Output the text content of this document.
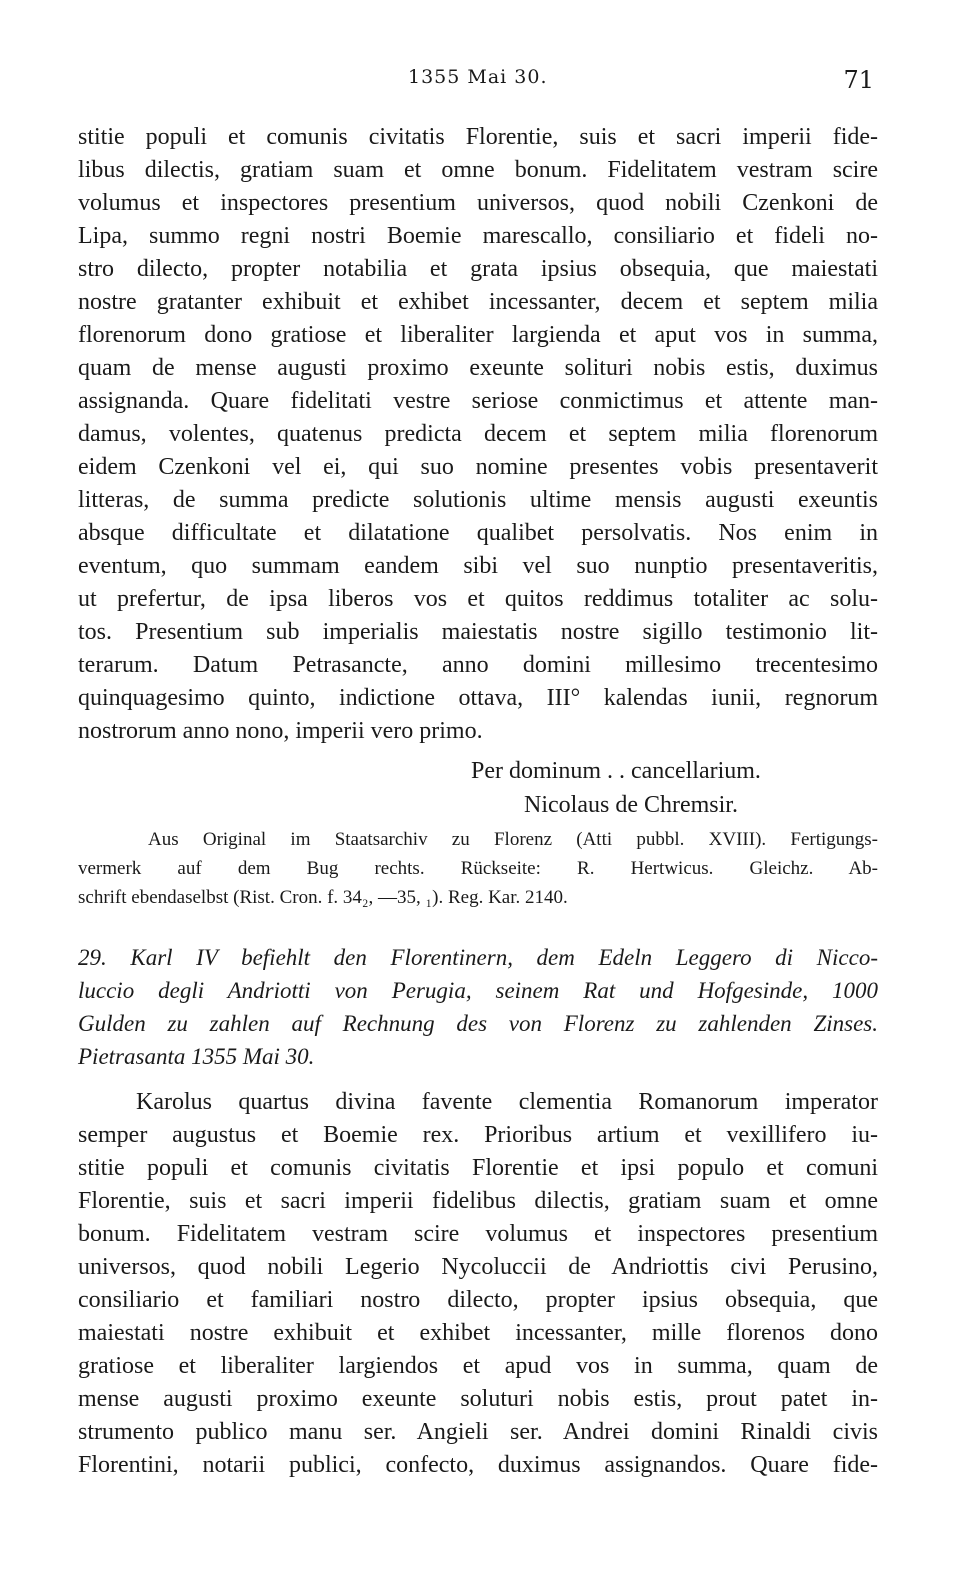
1355 Mai 30.	71
stitie populi et comunis civitatis Florentie, suis et sacri imperii fide-
libus dilectis, gratiam suam et omne bonum. Fidelitatem vestram scire
volumus et inspectores presentium universos, quod nobili Czenkoni de
Lipa, summo regni nostri Boemie marescallo, consiliario et fideli no-
stro dilecto, propter notabilia et grata ipsius obsequia, que maiestati
nostre gratanter exhibuit et exhibet incessanter, decem et septem milia
florenorum dono gratiose et liberaliter largienda et aput vos in summa,
quam de mense augusti proximo exeunte solituri nobis estis, duximus
assignanda. Quare fidelitati vestre seriose conmictimus et attente man-
damus, volentes, quatenus predicta decem et septem milia florenorum
eidem Czenkoni vel ei, qui suo nomine presentes vobis presentaverit
litteras, de summa predicte solutionis ultime mensis augusti exeuntis
absque difficultate et dilatatione qualibet persolvatis. Nos enim in
eventum, quo summam eandem sibi vel suo nunptio presentaveritis,
ut prefertur, de ipsa liberos vos et quitos reddimus totaliter ac solu-
tos. Presentium sub imperialis maiestatis nostre sigillo testimonio lit-
terarum. Datum Petrasancte, anno domini millesimo trecentesimo
quinquagesimo quinto, indictione ottava, III° kalendas iunii, regnorum
nostrorum anno nono, imperii vero primo.
Per dominum . . cancellarium.
Nicolaus de Chremsir.
Aus Original im Staatsarchiv zu Florenz (Atti pubbl. XVIII). Fertigungs-
vermerk auf dem Bug rechts. Rückseite: R. Hertwicus. Gleichz. Ab-
schrift ebendaselbst (Rist. Cron. f. 34₂, —35, ₁). Reg. Kar. 2140.
29. Karl IV befiehlt den Florentinern, dem Edeln Leggero di Nicco-
luccio degli Andriotti von Perugia, seinem Rat und Hofgesinde, 1000
Gulden zu zahlen auf Rechnung des von Florenz zu zahlenden Zinses.
Pietrasanta 1355 Mai 30.
Karolus quartus divina favente clementia Romanorum imperator
semper augustus et Boemie rex. Prioribus artium et vexillifero iu-
stitie populi et comunis civitatis Florentie et ipsi populo et comuni
Florentie, suis et sacri imperii fidelibus dilectis, gratiam suam et omne
bonum. Fidelitatem vestram scire volumus et inspectores presentium
universos, quod nobili Legerio Nycoluccii de Andriottis civi Perusino,
consiliario et familiari nostro dilecto, propter ipsius obsequia, que
maiestati nostre exhibuit et exhibet incessanter, mille florenos dono
gratiose et liberaliter largiendos et apud vos in summa, quam de
mense augusti proximo exeunte soluturi nobis estis, prout patet in-
strumento publico manu ser. Angieli ser. Andrei domini Rinaldi civis
Florentini, notarii publici, confecto, duximus assignandos. Quare fide-
